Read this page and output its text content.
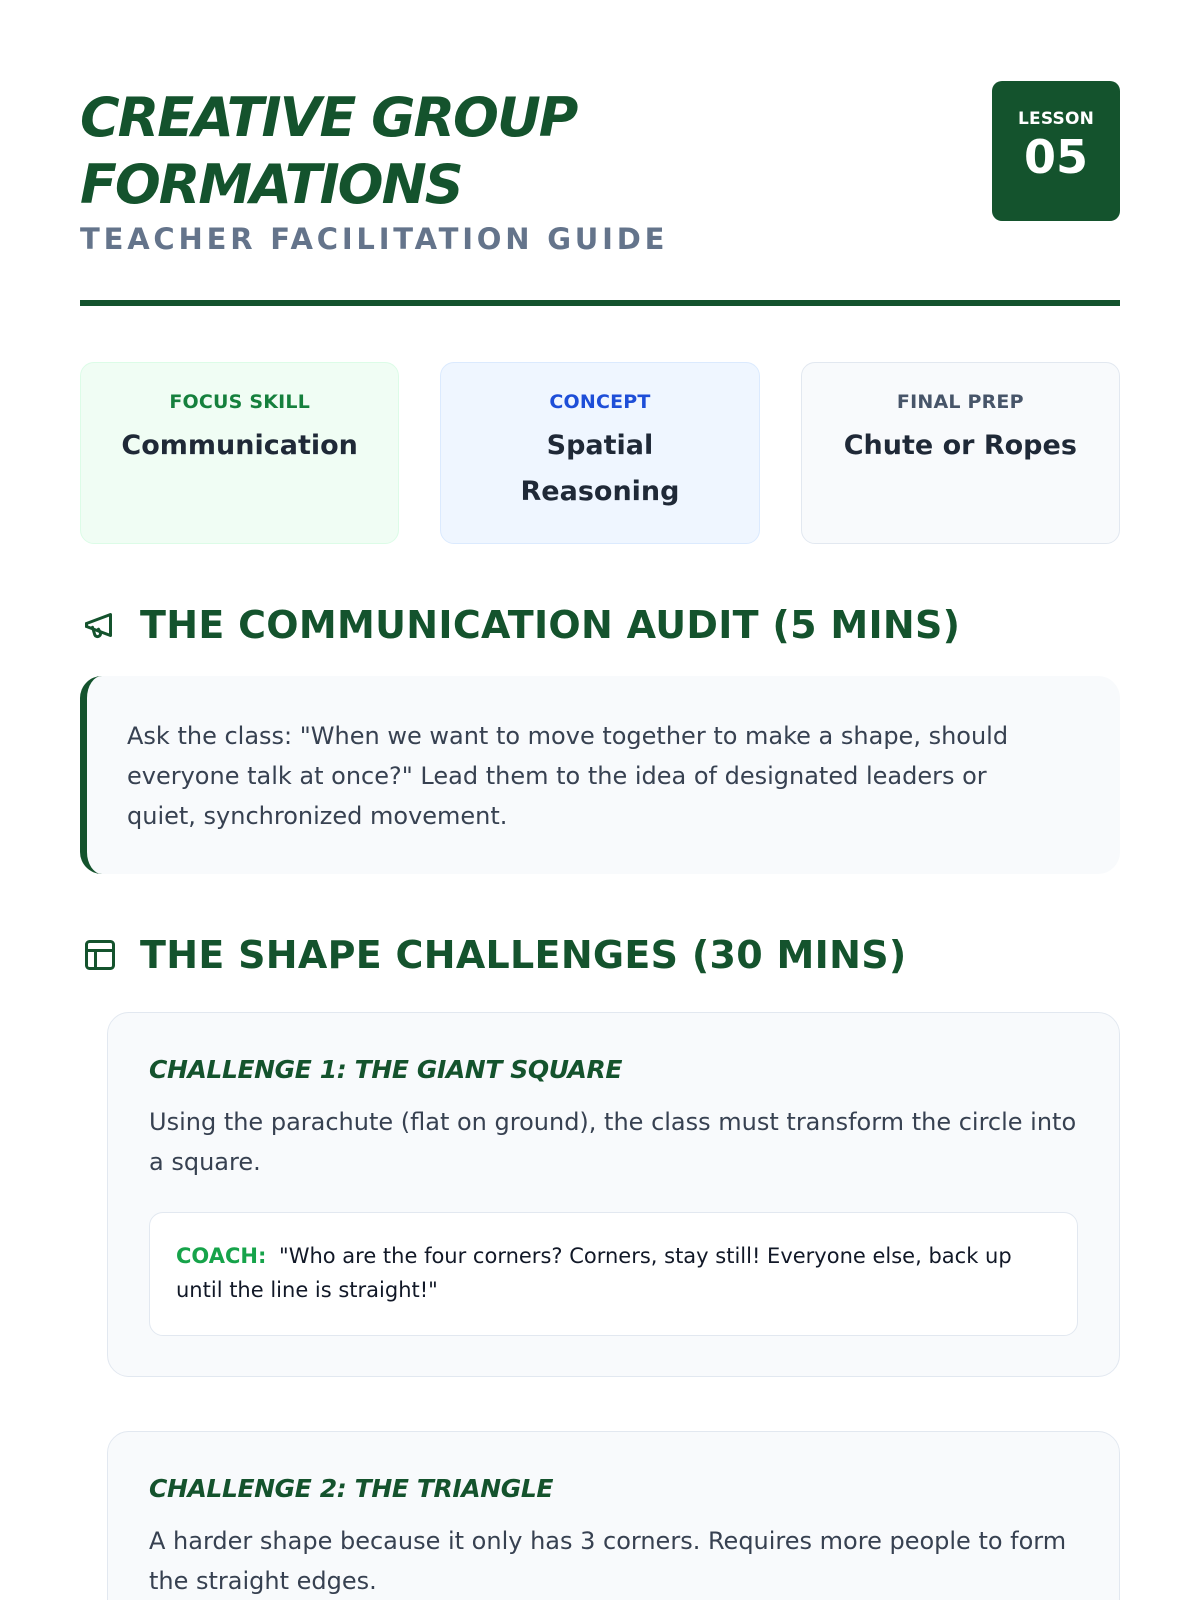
CREATIVE GROUP
FORMATIONS
TEACHER FACILITATION GUIDE
LESSON
05
FOCUS SKILL
Communication
CONCEPT
Spatial Reasoning
FINAL PREP
Chute or Ropes
THE COMMUNICATION AUDIT (5 MINS)
Ask the class: "When we want to move together to make a shape, should everyone talk at once?" Lead them to the idea of designated leaders or quiet, synchronized movement.
THE SHAPE CHALLENGES (30 MINS)
CHALLENGE 1: THE GIANT SQUARE
Using the parachute (flat on ground), the class must transform the circle into a square.
COACH: "Who are the four corners? Corners, stay still! Everyone else, back up until the line is straight!"
CHALLENGE 2: THE TRIANGLE
A harder shape because it only has 3 corners. Requires more people to form the straight edges.
